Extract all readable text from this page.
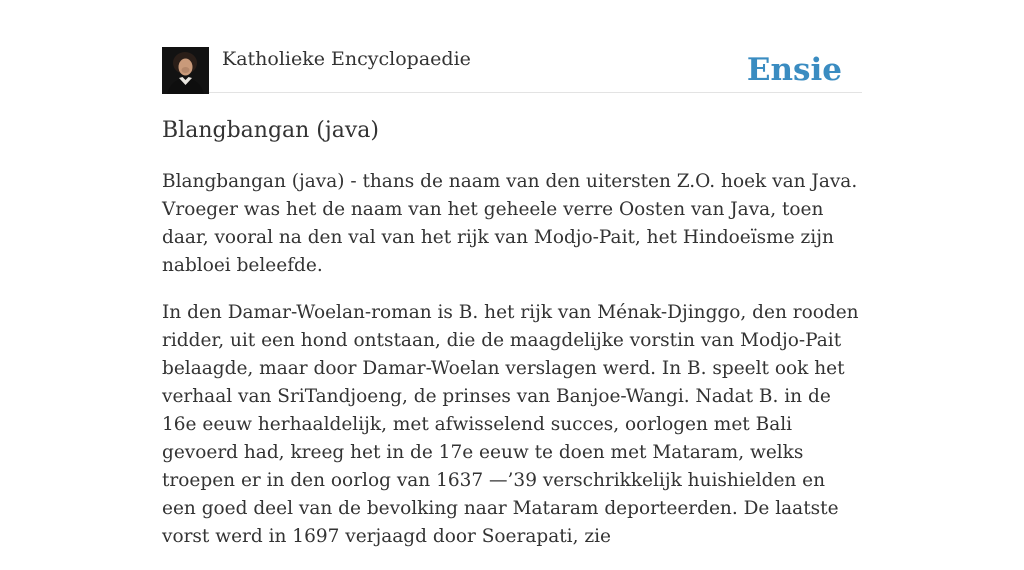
Katholieke Encyclopaedie	Ensie
Blangbangan (java)

Blangbangan (java) - thans de naam van den uitersten Z.O. hoek van Java. Vroeger was het de naam van het geheele verre Oosten van Java, toen daar, vooral na den val van het rijk van Modjo-Pait, het Hindoeïsme zijn nabloei beleefde.

In den Damar-Woelan-roman is B. het rijk van Ménak-Djinggo, den rooden ridder, uit een hond ontstaan, die de maagdelijke vorstin van Modjo-Pait belaagde, maar door Damar-Woelan verslagen werd. In B. speelt ook het verhaal van SriTandjoeng, de prinses van Banjoe-Wangi. Nadat B. in de 16e eeuw herhaaldelijk, met afwisselend succes, oorlogen met Bali gevoerd had, kreeg het in de 17e eeuw te doen met Mataram, welks troepen er in den oorlog van 1637 —’39 verschrikkelijk huishielden en een goed deel van de bevolking naar Mataram deporteerden. De laatste vorst werd in 1697 verjaagd door Soerapati, zie
